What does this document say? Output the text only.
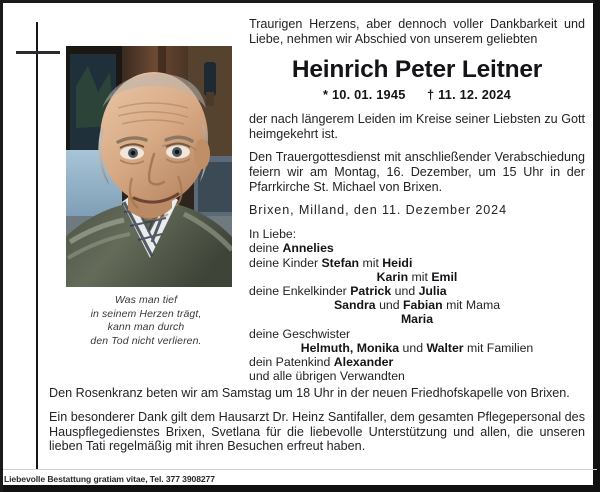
Was man tief
in seinem Herzen trägt,
kann man durch
den Tod nicht verlieren.

Traurigen Herzens, aber dennoch voller Dankbarkeit und Liebe, nehmen wir Abschied von unserem geliebten

Heinrich Peter Leitner
* 10. 01. 1945 † 11. 12. 2024

der nach längerem Leiden im Kreise seiner Liebsten zu Gott heimgekehrt ist.

Den Trauergottesdienst mit anschließender Verabschiedung feiern wir am Montag, 16. Dezember, um 15 Uhr in der Pfarrkirche St. Michael von Brixen.

Brixen, Milland, den 11. Dezember 2024

In Liebe:
deine Annelies
deine Kinder Stefan mit Heidi
Karin mit Emil
deine Enkelkinder Patrick und Julia
Sandra und Fabian mit Mama
Maria
deine Geschwister
Helmuth, Monika und Walter mit Familien
dein Patenkind Alexander
und alle übrigen Verwandten

Den Rosenkranz beten wir am Samstag um 18 Uhr in der neuen Friedhofskapelle von Brixen.

Ein besonderer Dank gilt dem Hausarzt Dr. Heinz Santifaller, dem gesamten Pflegepersonal des Hauspflegedienstes Brixen, Svetlana für die liebevolle Unterstützung und allen, die unseren lieben Tati regelmäßig mit ihren Besuchen erfreut haben.

Liebevolle Bestattung gratiam vitae, Tel. 377 3908277
